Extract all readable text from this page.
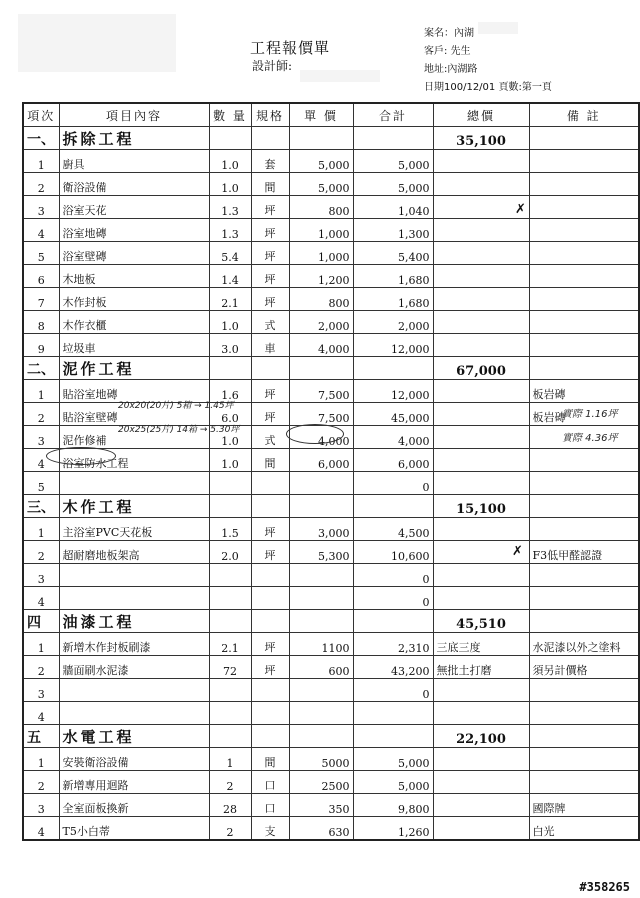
工程報價單
設計師:
案名：內湖
客戶: 先生
地址:內湖路
日期100/12/01 頁數:第一頁
項次	項目內容	數 量	規格	單 價	合計	總價	備 註
一、	拆除工程					35,100	
1	廚具	1.0	套	5,000	5,000		
2	衛浴設備	1.0	間	5,000	5,000		
3	浴室天花	1.3	坪	800	1,040		
4	浴室地磚	1.3	坪	1,000	1,300		
5	浴室壁磚	5.4	坪	1,000	5,400		
6	木地板	1.4	坪	1,200	1,680		
7	木作封板	2.1	坪	800	1,680		
8	木作衣櫃	1.0	式	2,000	2,000		
9	垃圾車	3.0	車	4,000	12,000		
二、	泥作工程					67,000	
1	貼浴室地磚	1.6	坪	7,500	12,000		板岩磚
2	貼浴室壁磚	6.0	坪	7,500	45,000		板岩磚
3	泥作修補	1.0	式	4,000	4,000		
4	浴室防水工程	1.0	間	6,000	6,000		
5					0		
三、	木作工程					15,100	
1	主浴室PVC天花板	1.5	坪	3,000	4,500		
2	超耐磨地板架高	2.0	坪	5,300	10,600		F3低甲醛認證
3					0		
4					0		
四	油漆工程					45,510	
1	新增木作封板刷漆	2.1	坪	1100	2,310	三底三度	水泥漆以外之塗料
2	牆面刷水泥漆	72	坪	600	43,200	無批土打磨	須另計價格
3					0		
4							
五	水電工程					22,100	
1	安裝衛浴設備	1	間	5000	5,000		
2	新增專用迴路	2	口	2500	5,000		
3	全室面板換新	28	口	350	9,800		國際牌
4	T5小白蒂	2	支	630	1,260		白光
20x20(20片) 5箱 → 1.45坪
20x25(25片) 14箱 → 5.30坪
實際 1.16坪
實際 4.36坪
✗
✗
#358265
